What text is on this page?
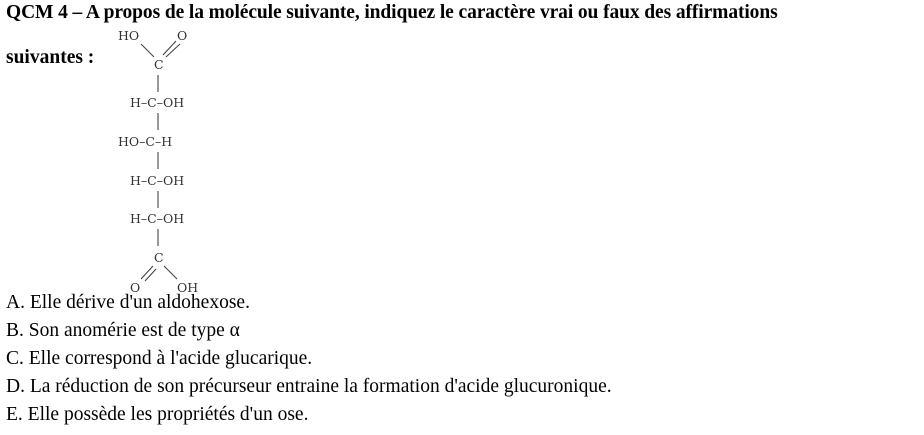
QCM 4 – A propos de la molécule suivante, indiquez le caractère vrai ou faux des affirmations
suivantes :
HO	O
C
H–C–OH
HO–C–H
H–C–OH
H–C–OH
C
O	OH
A. Elle dérive d'un aldohexose.
B. Son anomérie est de type α
C. Elle correspond à l'acide glucarique.
D. La réduction de son précurseur entraine la formation d'acide glucuronique.
E. Elle possède les propriétés d'un ose.
